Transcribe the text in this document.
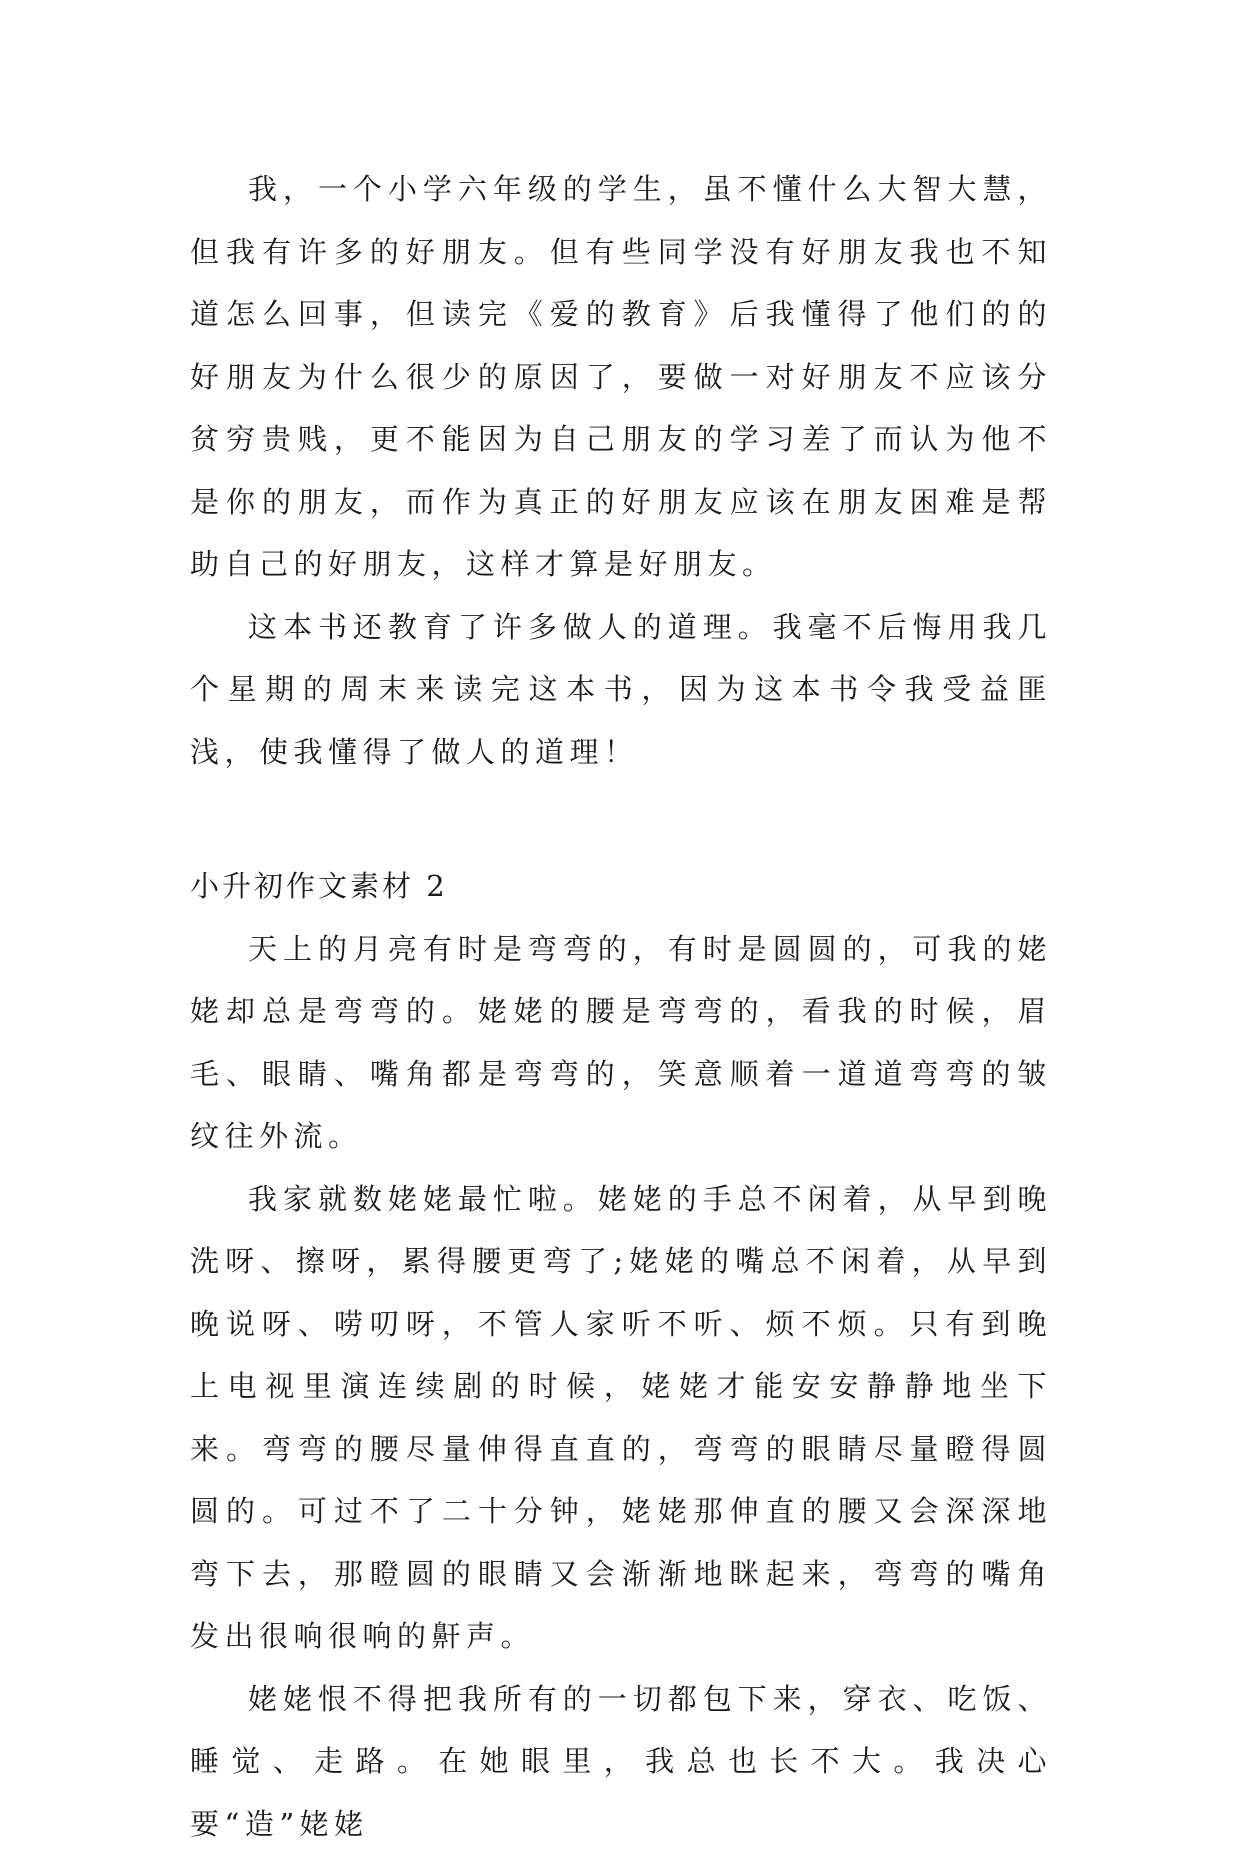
我，一个小学六年级的学生，虽不懂什么大智大慧，但我有许多的好朋友。但有些同学没有好朋友我也不知道怎么回事，但读完《爱的教育》后我懂得了他们的的好朋友为什么很少的原因了，要做一对好朋友不应该分贫穷贵贱，更不能因为自己朋友的学习差了而认为他不是你的朋友，而作为真正的好朋友应该在朋友困难是帮助自己的好朋友，这样才算是好朋友。

这本书还教育了许多做人的道理。我毫不后悔用我几个星期的周末来读完这本书，因为这本书令我受益匪浅，使我懂得了做人的道理！

小升初作文素材 2

天上的月亮有时是弯弯的，有时是圆圆的，可我的姥姥却总是弯弯的。姥姥的腰是弯弯的，看我的时候，眉毛、眼睛、嘴角都是弯弯的，笑意顺着一道道弯弯的皱纹往外流。

我家就数姥姥最忙啦。姥姥的手总不闲着，从早到晚洗呀、擦呀，累得腰更弯了;姥姥的嘴总不闲着，从早到晚说呀、唠叨呀，不管人家听不听、烦不烦。只有到晚上电视里演连续剧的时候，姥姥才能安安静静地坐下来。弯弯的腰尽量伸得直直的，弯弯的眼睛尽量瞪得圆圆的。可过不了二十分钟，姥姥那伸直的腰又会深深地弯下去，那瞪圆的眼睛又会渐渐地眯起来，弯弯的嘴角发出很响很响的鼾声。

姥姥恨不得把我所有的一切都包下来，穿衣、吃饭、睡觉、走路。在她眼里，我总也长不大。我决心要“造”姥姥
